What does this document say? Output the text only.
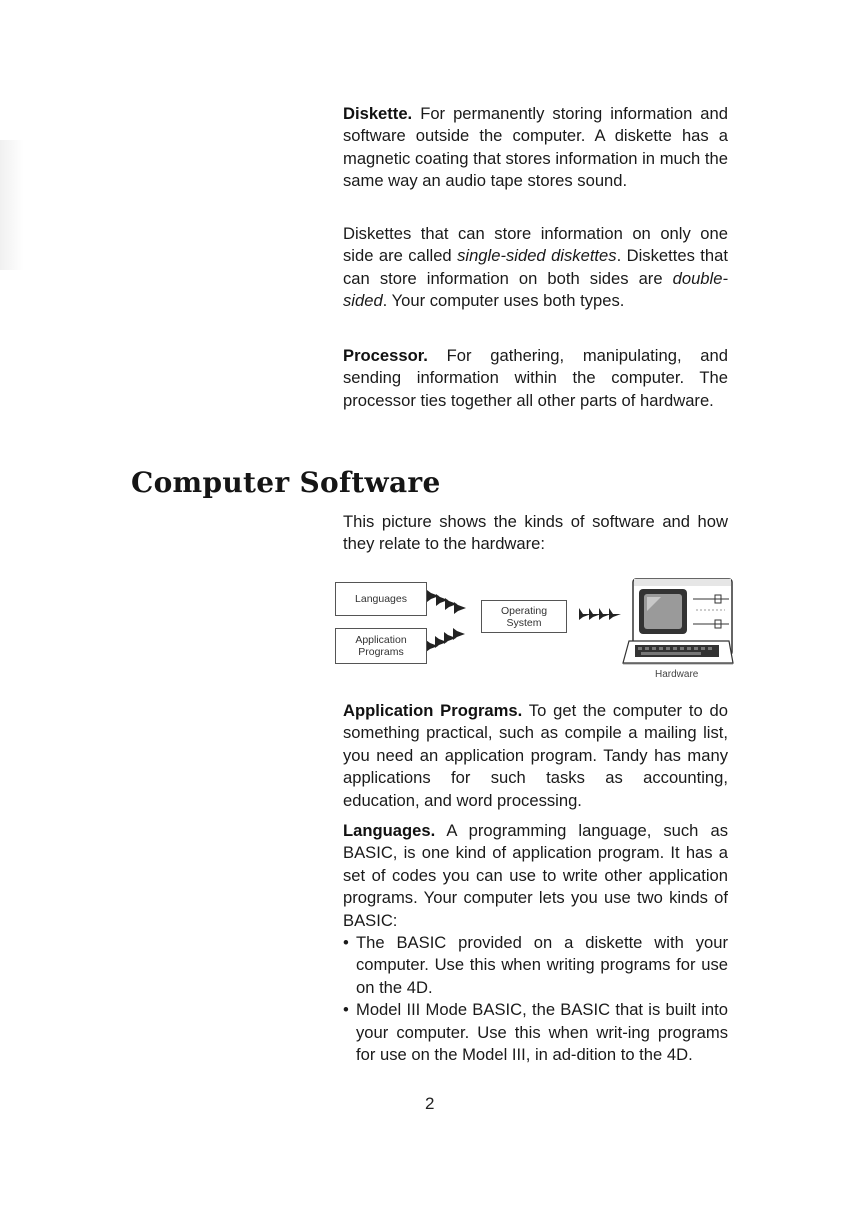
Diskette. For permanently storing information and software outside the computer. A diskette has a magnetic coating that stores information in much the same way an audio tape stores sound.

Diskettes that can store information on only one side are called single-sided diskettes. Diskettes that can store information on both sides are double-sided. Your computer uses both types.

Processor. For gathering, manipulating, and sending information within the computer. The processor ties together all other parts of hardware.

Computer Software

This picture shows the kinds of software and how they relate to the hardware:

Languages
Application Programs
Operating System
Hardware

Application Programs. To get the computer to do something practical, such as compile a mailing list, you need an application program. Tandy has many applications for such tasks as accounting, education, and word processing.

Languages. A programming language, such as BASIC, is one kind of application program. It has a set of codes you can use to write other application programs. Your computer lets you use two kinds of BASIC:

• The BASIC provided on a diskette with your computer. Use this when writing programs for use on the 4D.
• Model III Mode BASIC, the BASIC that is built into your computer. Use this when writ-ing programs for use on the Model III, in ad-dition to the 4D.
2
